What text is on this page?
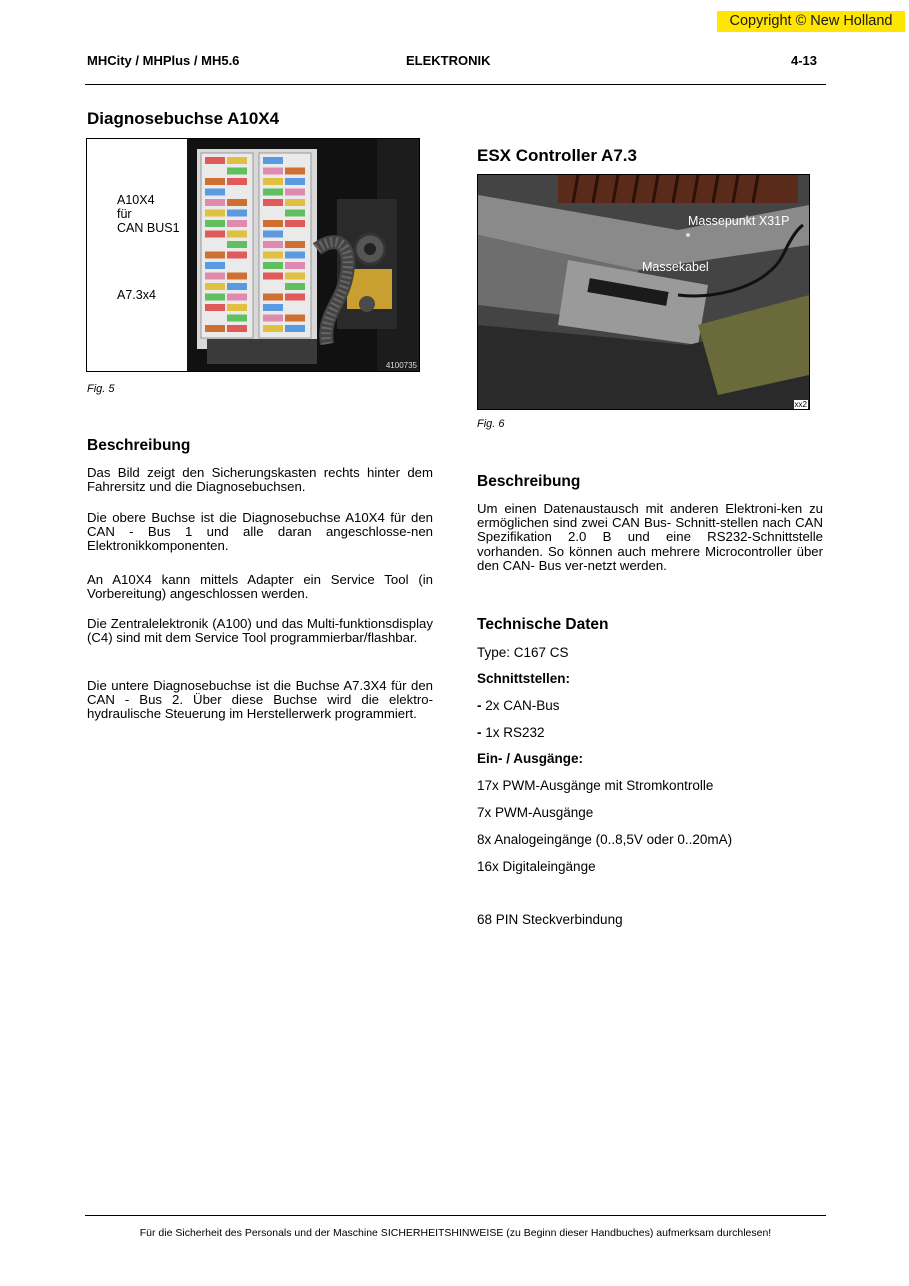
Copyright © New Holland
MHCity / MHPlus / MH5.6	ELEKTRONIK	4-13
Diagnosebuchse A10X4
A10X4
für
CAN BUS1
A7.3x4
4100735
Fig. 5
Beschreibung

Das Bild zeigt den Sicherungskasten rechts hinter dem Fahrersitz und die Diagnosebuchsen.

Die obere Buchse ist die Diagnosebuchse A10X4 für den CAN - Bus 1 und alle daran angeschlosse-nen Elektronikkomponenten.

An A10X4 kann mittels Adapter ein Service Tool (in Vorbereitung) angeschlossen werden.

Die Zentralelektronik (A100) und das Multi-funktionsdisplay (C4) sind mit dem Service Tool programmierbar/flashbar.

Die untere Diagnosebuchse ist die Buchse A7.3X4 für den CAN - Bus 2. Über diese Buchse wird die elektro- hydraulische Steuerung im Herstellerwerk programmiert.

ESX Controller A7.3
Massepunkt X31P
Massekabel
xx2
Fig. 6
Beschreibung

Um einen Datenaustausch mit anderen Elektroni-ken zu ermöglichen sind zwei CAN Bus- Schnitt-stellen nach CAN Spezifikation 2.0 B und eine RS232-Schnittstelle vorhanden. So können auch mehrere Microcontroller über den CAN- Bus ver-netzt werden.

Technische Daten
Type: C167 CS
Schnittstellen:
- 2x CAN-Bus
- 1x RS232
Ein- / Ausgänge:
17x PWM-Ausgänge mit Stromkontrolle
7x PWM-Ausgänge
8x Analogeingänge (0..8,5V oder 0..20mA)
16x Digitaleingänge
68 PIN Steckverbindung
Für die Sicherheit des Personals und der Maschine SICHERHEITSHINWEISE (zu Beginn dieser Handbuches) aufmerksam durchlesen!
